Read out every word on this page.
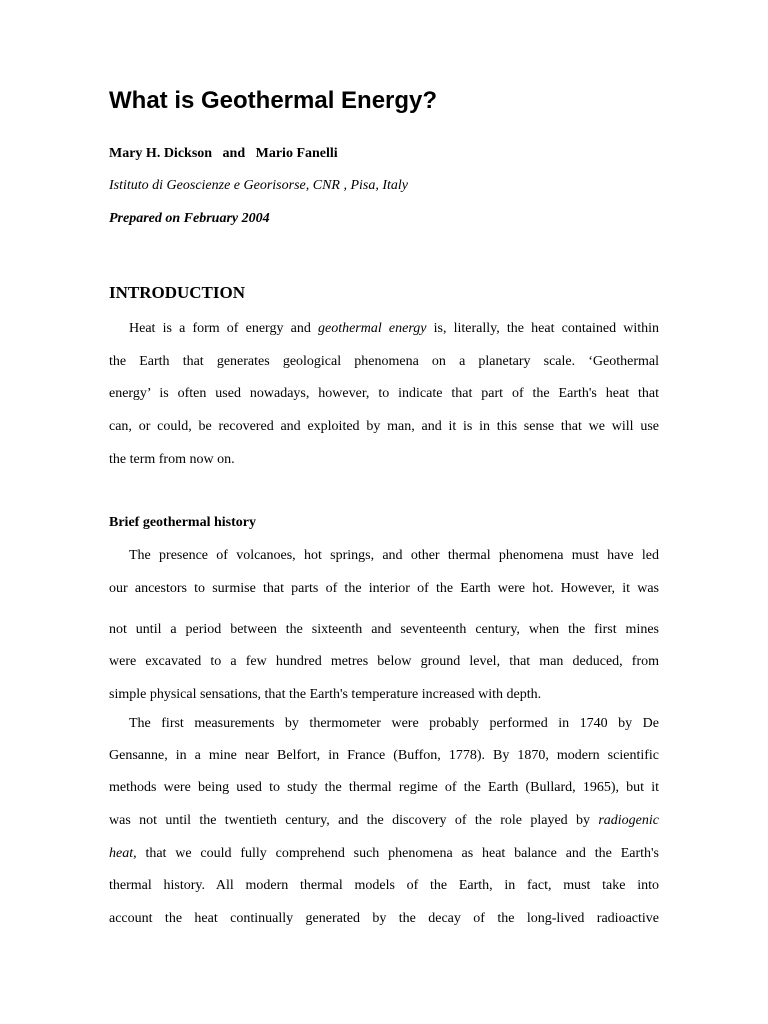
What is Geothermal Energy?

Mary H. Dickson   and   Mario Fanelli

Istituto di Geoscienze e Georisorse, CNR , Pisa, Italy

Prepared on February 2004

INTRODUCTION

Heat is a form of energy and geothermal energy is, literally, the heat contained within

the Earth that generates geological phenomena on a planetary scale. ‘Geothermal

energy’ is often used nowadays, however, to indicate that part of the Earth's heat that

can, or could, be recovered and exploited by man, and it is in this sense that we will use

the term from now on.

Brief geothermal history

The presence of volcanoes, hot springs, and other thermal phenomena must have led

our ancestors to surmise that parts of the interior of the Earth were hot. However, it was

not until a period between the sixteenth and seventeenth century, when the first mines

were excavated to a few hundred metres below ground level, that man deduced, from

simple physical sensations, that the Earth's temperature increased with depth.

The first measurements by thermometer were probably performed in 1740 by De

Gensanne, in a mine near Belfort, in France (Buffon, 1778). By 1870, modern scientific

methods were being used to study the thermal regime of the Earth (Bullard, 1965), but it

was not until the twentieth century, and the discovery of the role played by radiogenic

heat, that we could fully comprehend such phenomena as heat balance and the Earth's

thermal history. All modern thermal models of the Earth, in fact, must take into

account the heat continually generated by the decay of the long-lived radioactive
